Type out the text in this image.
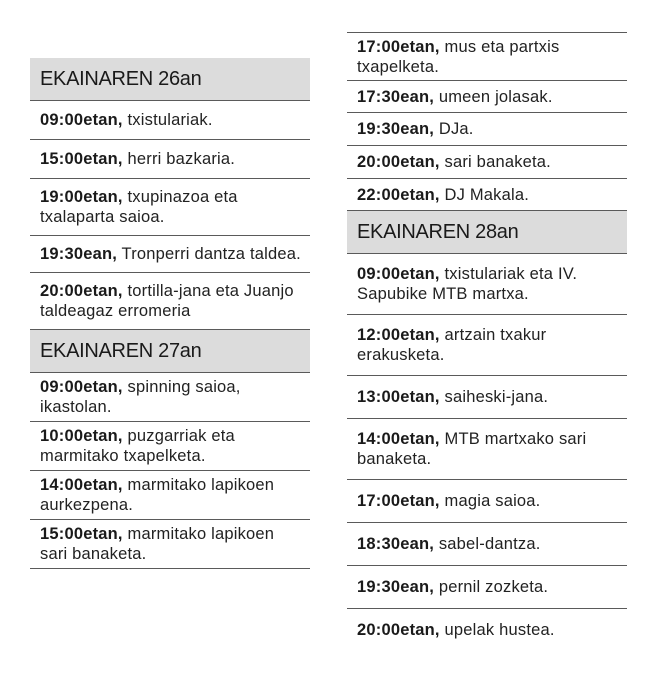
EKAINAREN 26an
09:00etan, txistulariak.
15:00etan, herri bazkaria.
19:00etan, txupinazoa eta txalaparta saioa.
19:30ean, Tronperri dantza taldea.
20:00etan, tortilla-jana eta Juanjo taldeagaz erromeria
EKAINAREN 27an
09:00etan, spinning saioa, ikastolan.
10:00etan, puzgarriak eta marmitako txapelketa.
14:00etan, marmitako lapikoen aurkezpena.
15:00etan, marmitako lapikoen sari banaketa.
17:00etan, mus eta partxis txapelketa.
17:30ean, umeen jolasak.
19:30ean, DJa.
20:00etan, sari banaketa.
22:00etan, DJ Makala.
EKAINAREN 28an
09:00etan, txistulariak eta IV. Sapubike MTB martxa.
12:00etan, artzain txakur erakusketa.
13:00etan, saiheski-jana.
14:00etan, MTB martxako sari banaketa.
17:00etan, magia saioa.
18:30ean, sabel-dantza.
19:30ean, pernil zozketa.
20:00etan, upelak hustea.
